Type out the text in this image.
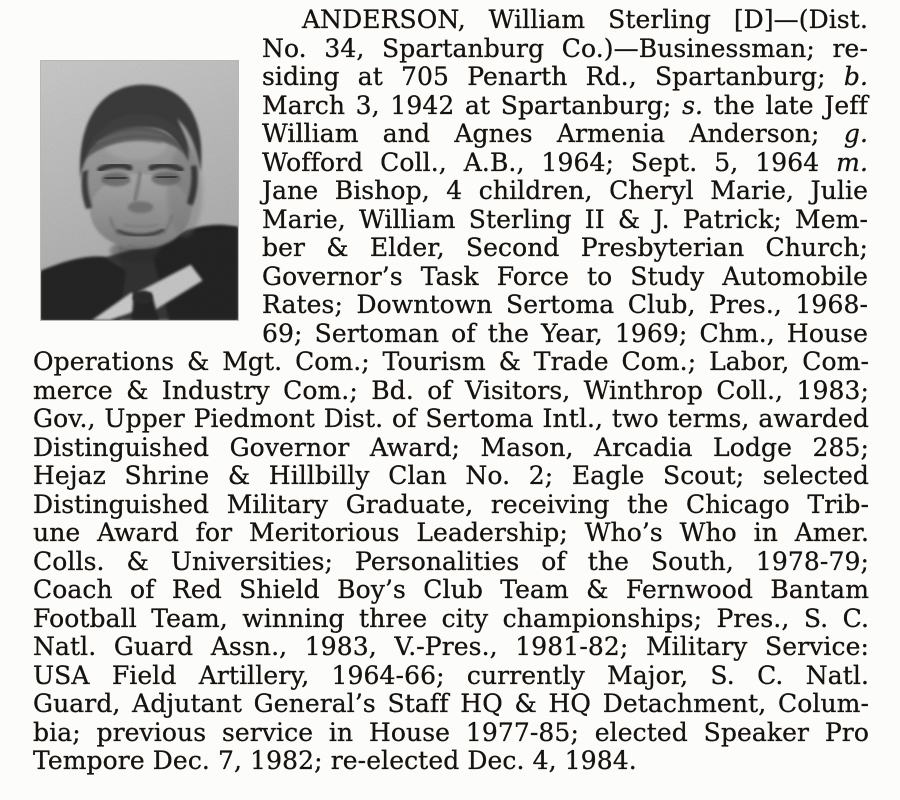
ANDERSON, William Sterling [D]—(Dist.
No. 34, Spartanburg Co.)—Businessman; re-
siding at 705 Penarth Rd., Spartanburg; b.
March 3, 1942 at Spartanburg; s. the late Jeff
William and Agnes Armenia Anderson; g.
Wofford Coll., A.B., 1964; Sept. 5, 1964 m.
Jane Bishop, 4 children, Cheryl Marie, Julie
Marie, William Sterling II & J. Patrick; Mem-
ber & Elder, Second Presbyterian Church;
Governor’s Task Force to Study Automobile
Rates; Downtown Sertoma Club, Pres., 1968-
69; Sertoman of the Year, 1969; Chm., House
Operations & Mgt. Com.; Tourism & Trade Com.; Labor, Com-
merce & Industry Com.; Bd. of Visitors, Winthrop Coll., 1983;
Gov., Upper Piedmont Dist. of Sertoma Intl., two terms, awarded
Distinguished Governor Award; Mason, Arcadia Lodge 285;
Hejaz Shrine & Hillbilly Clan No. 2; Eagle Scout; selected
Distinguished Military Graduate, receiving the Chicago Trib-
une Award for Meritorious Leadership; Who’s Who in Amer.
Colls. & Universities; Personalities of the South, 1978-79;
Coach of Red Shield Boy’s Club Team & Fernwood Bantam
Football Team, winning three city championships; Pres., S. C.
Natl. Guard Assn., 1983, V.-Pres., 1981-82; Military Service:
USA Field Artillery, 1964-66; currently Major, S. C. Natl.
Guard, Adjutant General’s Staff HQ & HQ Detachment, Colum-
bia; previous service in House 1977-85; elected Speaker Pro
Tempore Dec. 7, 1982; re-elected Dec. 4, 1984.
